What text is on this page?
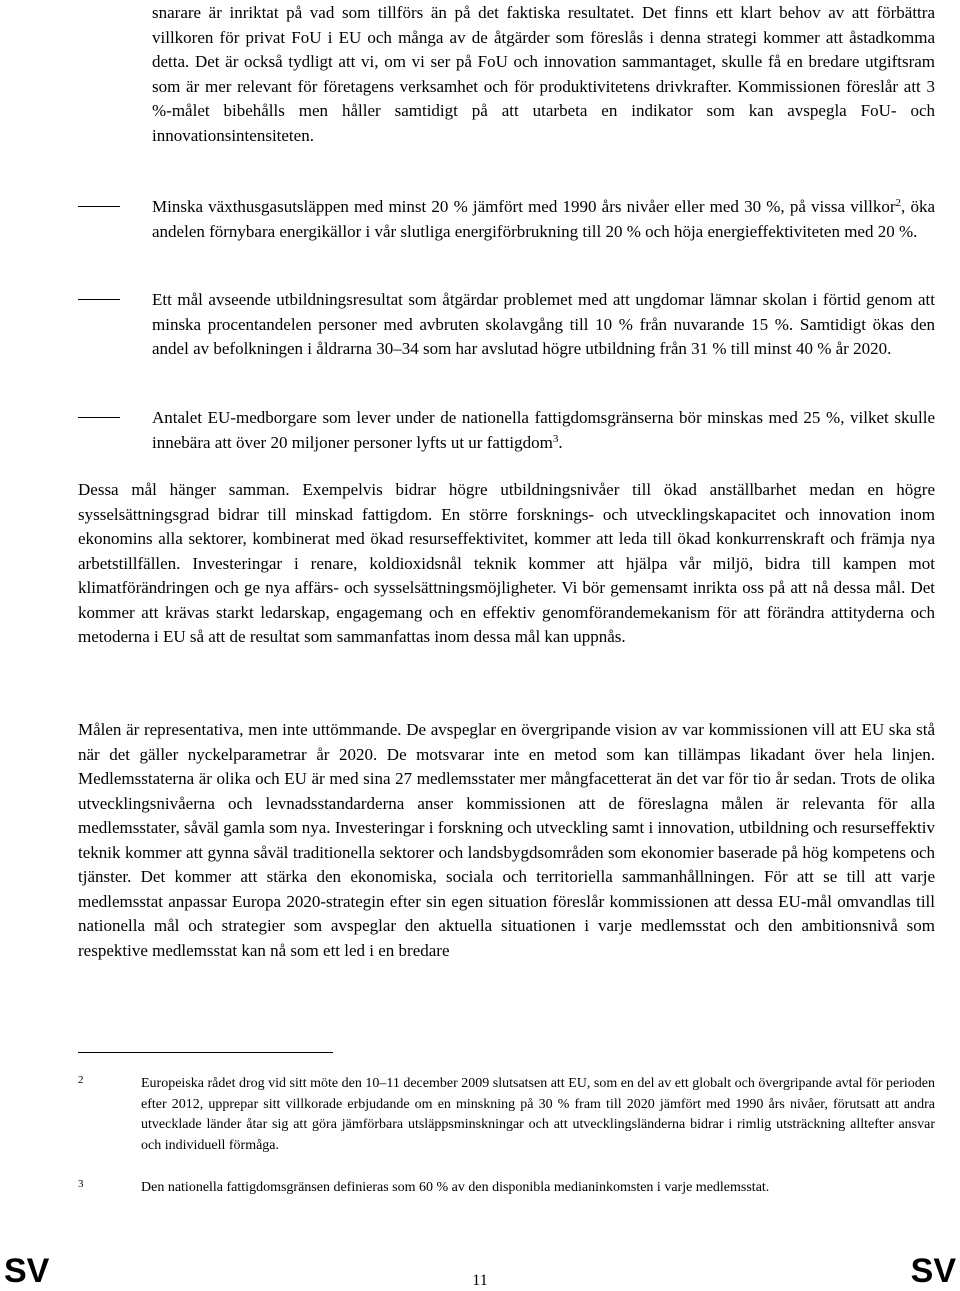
snarare är inriktat på vad som tillförs än på det faktiska resultatet. Det finns ett klart behov av att förbättra villkoren för privat FoU i EU och många av de åtgärder som föreslås i denna strategi kommer att åstadkomma detta. Det är också tydligt att vi, om vi ser på FoU och innovation sammantaget, skulle få en bredare utgiftsram som är mer relevant för företagens verksamhet och för produktivitetens drivkrafter. Kommissionen föreslår att 3 %-målet bibehålls men håller samtidigt på att utarbeta en indikator som kan avspegla FoU- och innovationsintensiteten.

Minska växthusgasutsläppen med minst 20 % jämfört med 1990 års nivåer eller med 30 %, på vissa villkor$^2$, öka andelen förnybara energikällor i vår slutliga energiförbrukning till 20 % och höja energieffektiviteten med 20 %.

Ett mål avseende utbildningsresultat som åtgärdar problemet med att ungdomar lämnar skolan i förtid genom att minska procentandelen personer med avbruten skolavgång till 10 % från nuvarande 15 %. Samtidigt ökas den andel av befolkningen i åldrarna 30–34 som har avslutad högre utbildning från 31 % till minst 40 % år 2020.

Antalet EU-medborgare som lever under de nationella fattigdomsgränserna bör minskas med 25 %, vilket skulle innebära att över 20 miljoner personer lyfts ut ur fattigdom$^3$.

Dessa mål hänger samman. Exempelvis bidrar högre utbildningsnivåer till ökad anställbarhet medan en högre sysselsättningsgrad bidrar till minskad fattigdom. En större forsknings- och utvecklingskapacitet och innovation inom ekonomins alla sektorer, kombinerat med ökad resurseffektivitet, kommer att leda till ökad konkurrenskraft och främja nya arbetstillfällen. Investeringar i renare, koldioxidsnål teknik kommer att hjälpa vår miljö, bidra till kampen mot klimatförändringen och ge nya affärs- och sysselsättningsmöjligheter. Vi bör gemensamt inrikta oss på att nå dessa mål. Det kommer att krävas starkt ledarskap, engagemang och en effektiv genomförandemekanism för att förändra attityderna och metoderna i EU så att de resultat som sammanfattas inom dessa mål kan uppnås.

Målen är representativa, men inte uttömmande. De avspeglar en övergripande vision av var kommissionen vill att EU ska stå när det gäller nyckelparametrar år 2020. De motsvarar inte en metod som kan tillämpas likadant över hela linjen. Medlemsstaterna är olika och EU är med sina 27 medlemsstater mer mångfacetterat än det var för tio år sedan. Trots de olika utvecklingsnivåerna och levnadsstandarderna anser kommissionen att de föreslagna målen är relevanta för alla medlemsstater, såväl gamla som nya. Investeringar i forskning och utveckling samt i innovation, utbildning och resurseffektiv teknik kommer att gynna såväl traditionella sektorer och landsbygdsområden som ekonomier baserade på hög kompetens och tjänster. Det kommer att stärka den ekonomiska, sociala och territoriella sammanhållningen. För att se till att varje medlemsstat anpassar Europa 2020-strategin efter sin egen situation föreslår kommissionen att dessa EU-mål omvandlas till nationella mål och strategier som avspeglar den aktuella situationen i varje medlemsstat och den ambitionsnivå som respektive medlemsstat kan nå som ett led i en bredare

2	Europeiska rådet drog vid sitt möte den 10–11 december 2009 slutsatsen att EU, som en del av ett globalt och övergripande avtal för perioden efter 2012, upprepar sitt villkorade erbjudande om en minskning på 30 % fram till 2020 jämfört med 1990 års nivåer, förutsatt att andra utvecklade länder åtar sig att göra jämförbara utsläppsminskningar och att utvecklingsländerna bidrar i rimlig utsträckning alltefter ansvar och individuell förmåga.

3	Den nationella fattigdomsgränsen definieras som 60 % av den disponibla medianinkomsten i varje medlemsstat.

SV	11	SV
